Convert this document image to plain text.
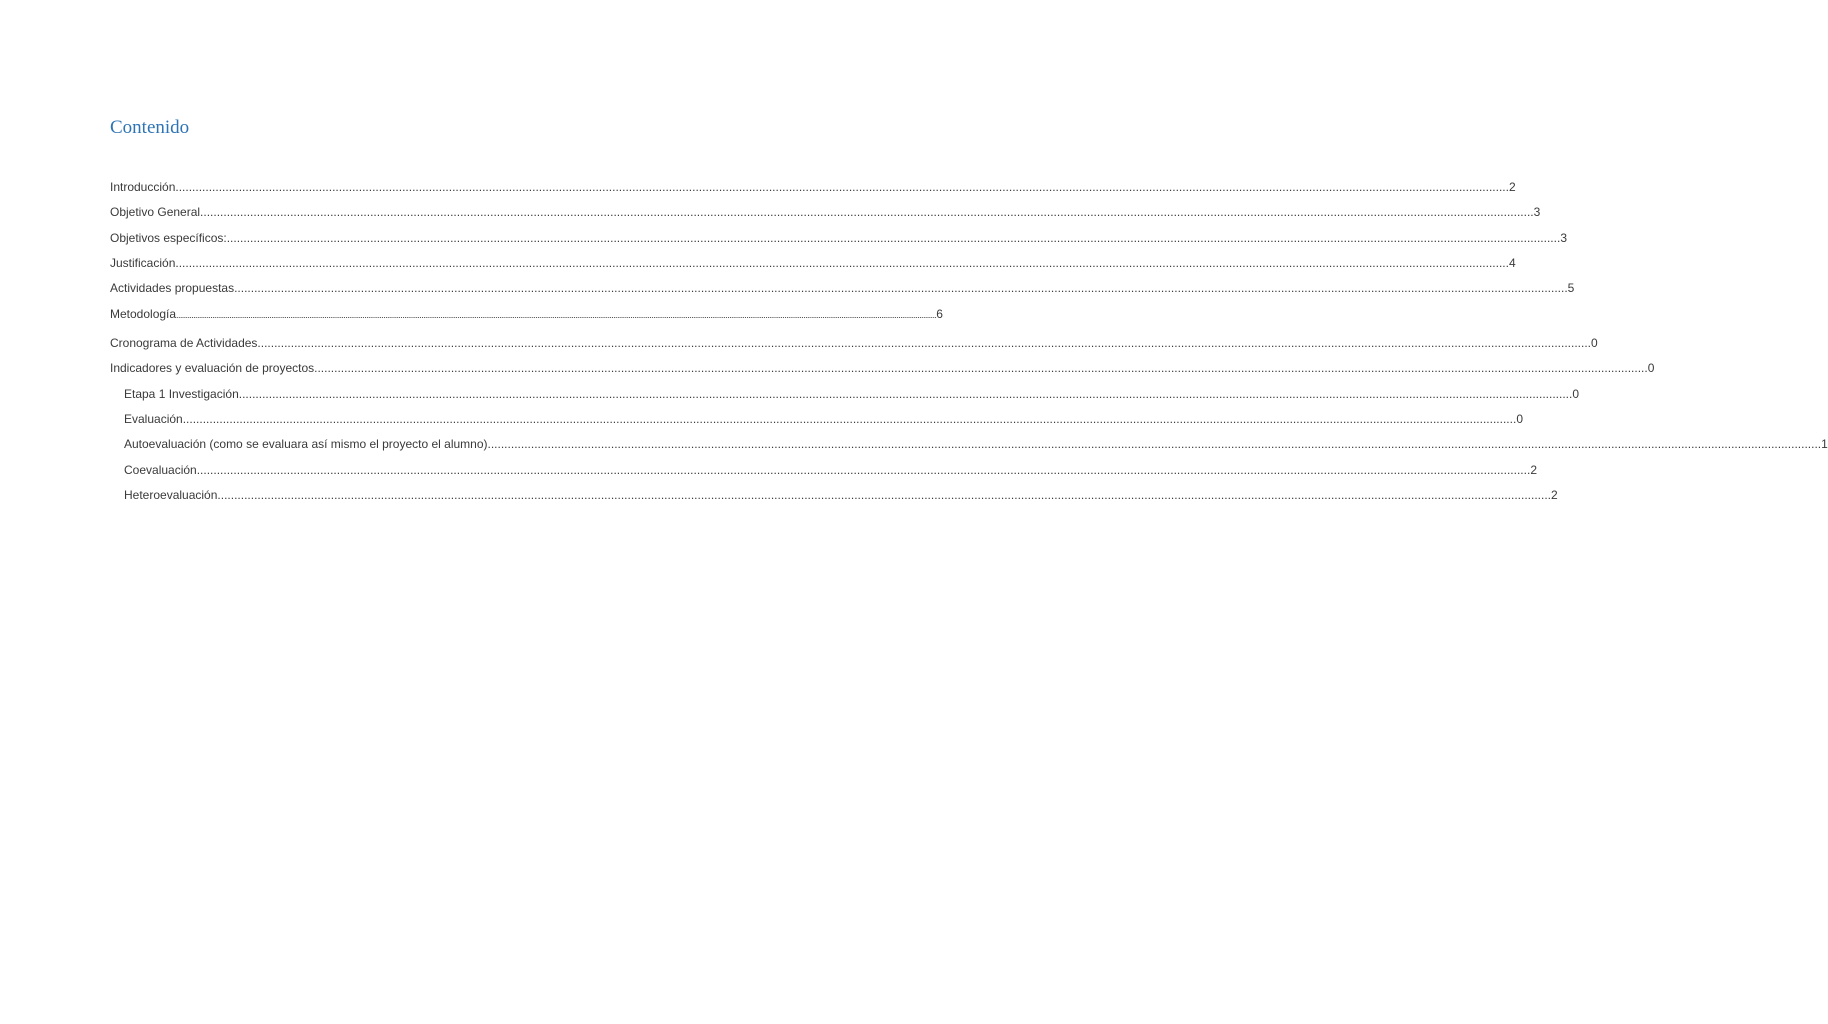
Contenido
Introducción ................................................................................................................................................................................................................................................................................................................................................................................................................ 2
Objetivo General ................................................................................................................................................................................................................................................................................................................................................................................................................ 3
Objetivos específicos: ................................................................................................................................................................................................................................................................................................................................................................................................................ 3
Justificación ................................................................................................................................................................................................................................................................................................................................................................................................................ 4
Actividades propuestas ................................................................................................................................................................................................................................................................................................................................................................................................................ 5
Metodología ................................................................................................................................................................................................................................................................................................................................................................................................................ 6
Cronograma de Actividades ................................................................................................................................................................................................................................................................................................................................................................................................................ 0
Indicadores y evaluación de proyectos ................................................................................................................................................................................................................................................................................................................................................................................................................ 0
Etapa 1 Investigación ................................................................................................................................................................................................................................................................................................................................................................................................................ 0
Evaluación ................................................................................................................................................................................................................................................................................................................................................................................................................ 0
Autoevaluación (como se evaluara así mismo el proyecto el alumno) ................................................................................................................................................................................................................................................................................................................................................................................................................ 1
Coevaluación ................................................................................................................................................................................................................................................................................................................................................................................................................ 2
Heteroevaluación ................................................................................................................................................................................................................................................................................................................................................................................................................ 2
